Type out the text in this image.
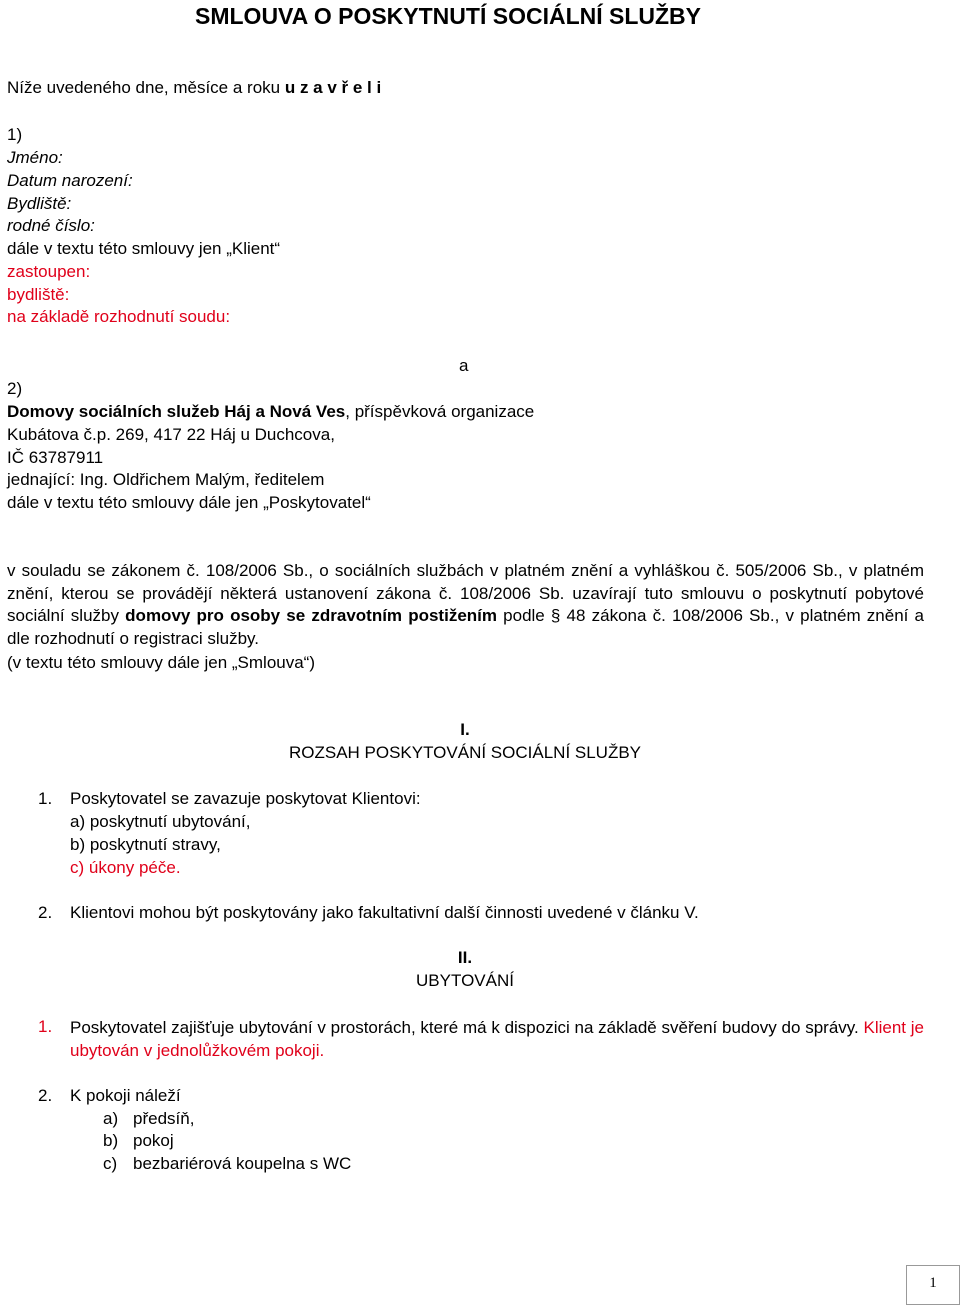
SMLOUVA O POSKYTNUTÍ SOCIÁLNÍ SLUŽBY
Níže uvedeného dne, měsíce a roku u z a v ř e l i
1)
Jméno:
Datum narození:
Bydliště:
rodné číslo:
dále v textu této smlouvy jen „Klient“
zastoupen:
bydliště:
na základě rozhodnutí soudu:
a
2)
Domovy sociálních služeb Háj a Nová Ves, příspěvková organizace
Kubátova č.p. 269, 417 22 Háj u Duchcova,
IČ 63787911
jednající: Ing. Oldřichem Malým, ředitelem
dále v textu této smlouvy dále jen „Poskytovatel“
v souladu se zákonem č. 108/2006 Sb., o sociálních službách v platném znění a vyhláškou č. 505/2006 Sb., v platném znění, kterou se provádějí některá ustanovení zákona č. 108/2006 Sb. uzavírají tuto smlouvu o poskytnutí pobytové sociální služby domovy pro osoby se zdravotním postižením podle § 48 zákona č. 108/2006 Sb., v platném znění a dle rozhodnutí o registraci služby.
(v textu této smlouvy dále jen „Smlouva“)
I.
ROZSAH POSKYTOVÁNÍ SOCIÁLNÍ SLUŽBY
1. Poskytovatel se zavazuje poskytovat Klientovi:
a) poskytnutí ubytování,
b) poskytnutí stravy,
c) úkony péče.
2. Klientovi mohou být poskytovány jako fakultativní další činnosti uvedené v článku V.
II.
UBYTOVÁNÍ
1. Poskytovatel zajišťuje ubytování v prostorách, které má k dispozici na základě svěření budovy do správy. Klient je ubytován v jednolůžkovém pokoji.
2. K pokoji náleží
a) předsíň,
b) pokoj
c) bezbariérová koupelna s WC
1
